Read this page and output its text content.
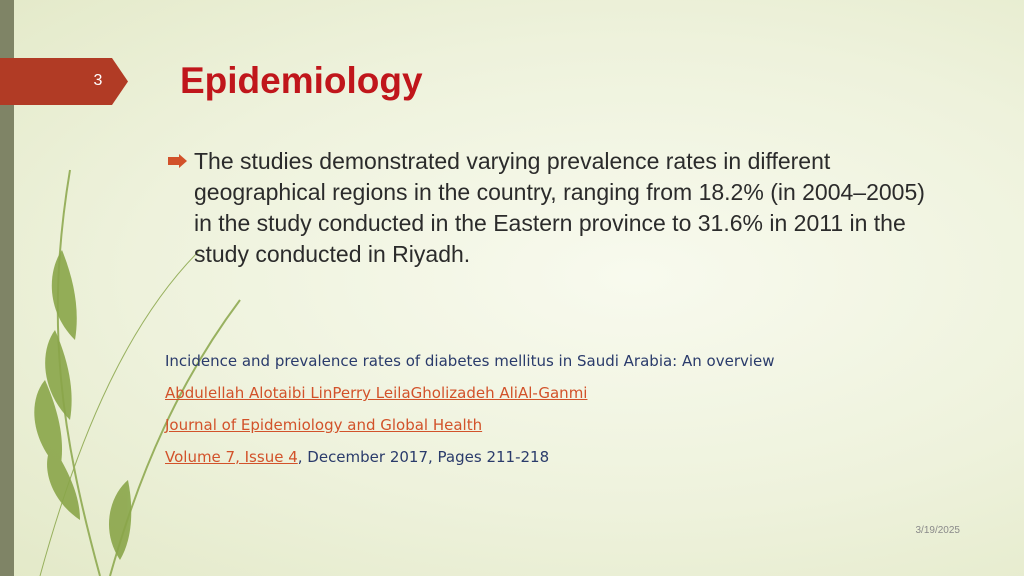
3 Epidemiology
The studies demonstrated varying prevalence rates in different geographical regions in the country, ranging from 18.2% (in 2004–2005) in the study conducted in the Eastern province to 31.6% in 2011 in the study conducted in Riyadh.
Incidence and prevalence rates of diabetes mellitus in Saudi Arabia: An overview
Abdulellah Alotaibi LinPerry LeilaGholizadeh AliAl-Ganmi
Journal of Epidemiology and Global Health
Volume 7, Issue 4, December 2017, Pages 211-218
3/19/2025
